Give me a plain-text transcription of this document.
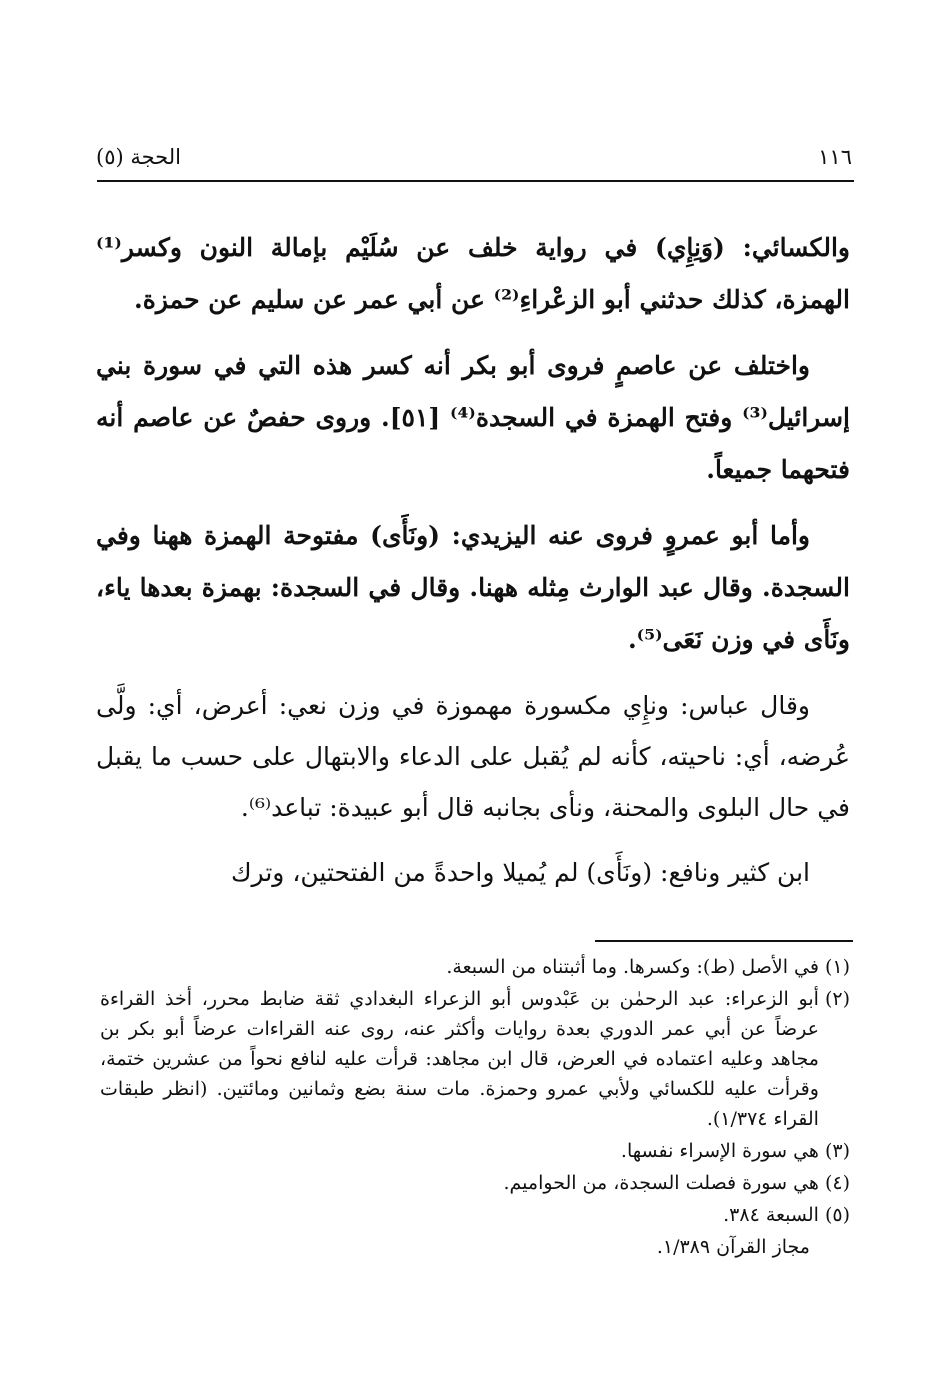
١١٦
الحجة (٥)

والكسائي: (وَنِإِي) في رواية خلف عن سُلَيْم بإمالة النون وكسر⁽¹⁾ الهمزة، كذلك حدثني أبو الزعْراءِ⁽²⁾ عن أبي عمر عن سليم عن حمزة.

واختلف عن عاصمٍ فروى أبو بكر أنه كسر هذه التي في سورة بني إسرائيل⁽³⁾ وفتح الهمزة في السجدة⁽⁴⁾ [٥١]. وروى حفصٌ عن عاصم أنه فتحهما جميعاً.

وأما أبو عمروٍ فروى عنه اليزيدي: (ونَأَى) مفتوحة الهمزة ههنا وفي السجدة. وقال عبد الوارث مِثله ههنا. وقال في السجدة: بهمزة بعدها ياء، ونَأَى في وزن نَعَى⁽⁵⁾.

وقال عباس: ونإِي مكسورة مهموزة في وزن نعي: أعرض، أي: ولَّى عُرضه، أي: ناحيته، كأنه لم يُقبل على الدعاء والابتهال على حسب ما يقبل في حال البلوى والمحنة، ونأى بجانبه قال أبو عبيدة: تباعد⁽⁶⁾.

ابن كثير ونافع: (ونَأَى) لم يُميلا واحدةً من الفتحتين، وترك

(١)
في الأصل (ط): وكسرها. وما أثبتناه من السبعة.
(٢)
أبو الزعراء: عبد الرحمٰن بن عَبْدوس أبو الزعراء البغدادي ثقة ضابط محرر، أخذ القراءة عرضاً عن أبي عمر الدوري بعدة روايات وأكثر عنه، روى عنه القراءات عرضاً أبو بكر بن مجاهد وعليه اعتماده في العرض، قال ابن مجاهد: قرأت عليه لنافع نحواً من عشرين ختمة، وقرأت عليه للكسائي ولأبي عمرو وحمزة. مات سنة بضع وثمانين ومائتين. (انظر طبقات القراء ١/٣٧٤).
(٣)
هي سورة الإسراء نفسها.
(٤)
هي سورة فصلت السجدة، من الحواميم.
(٥)
السبعة ٣٨٤.
مجاز القرآن ١/٣٨٩.
